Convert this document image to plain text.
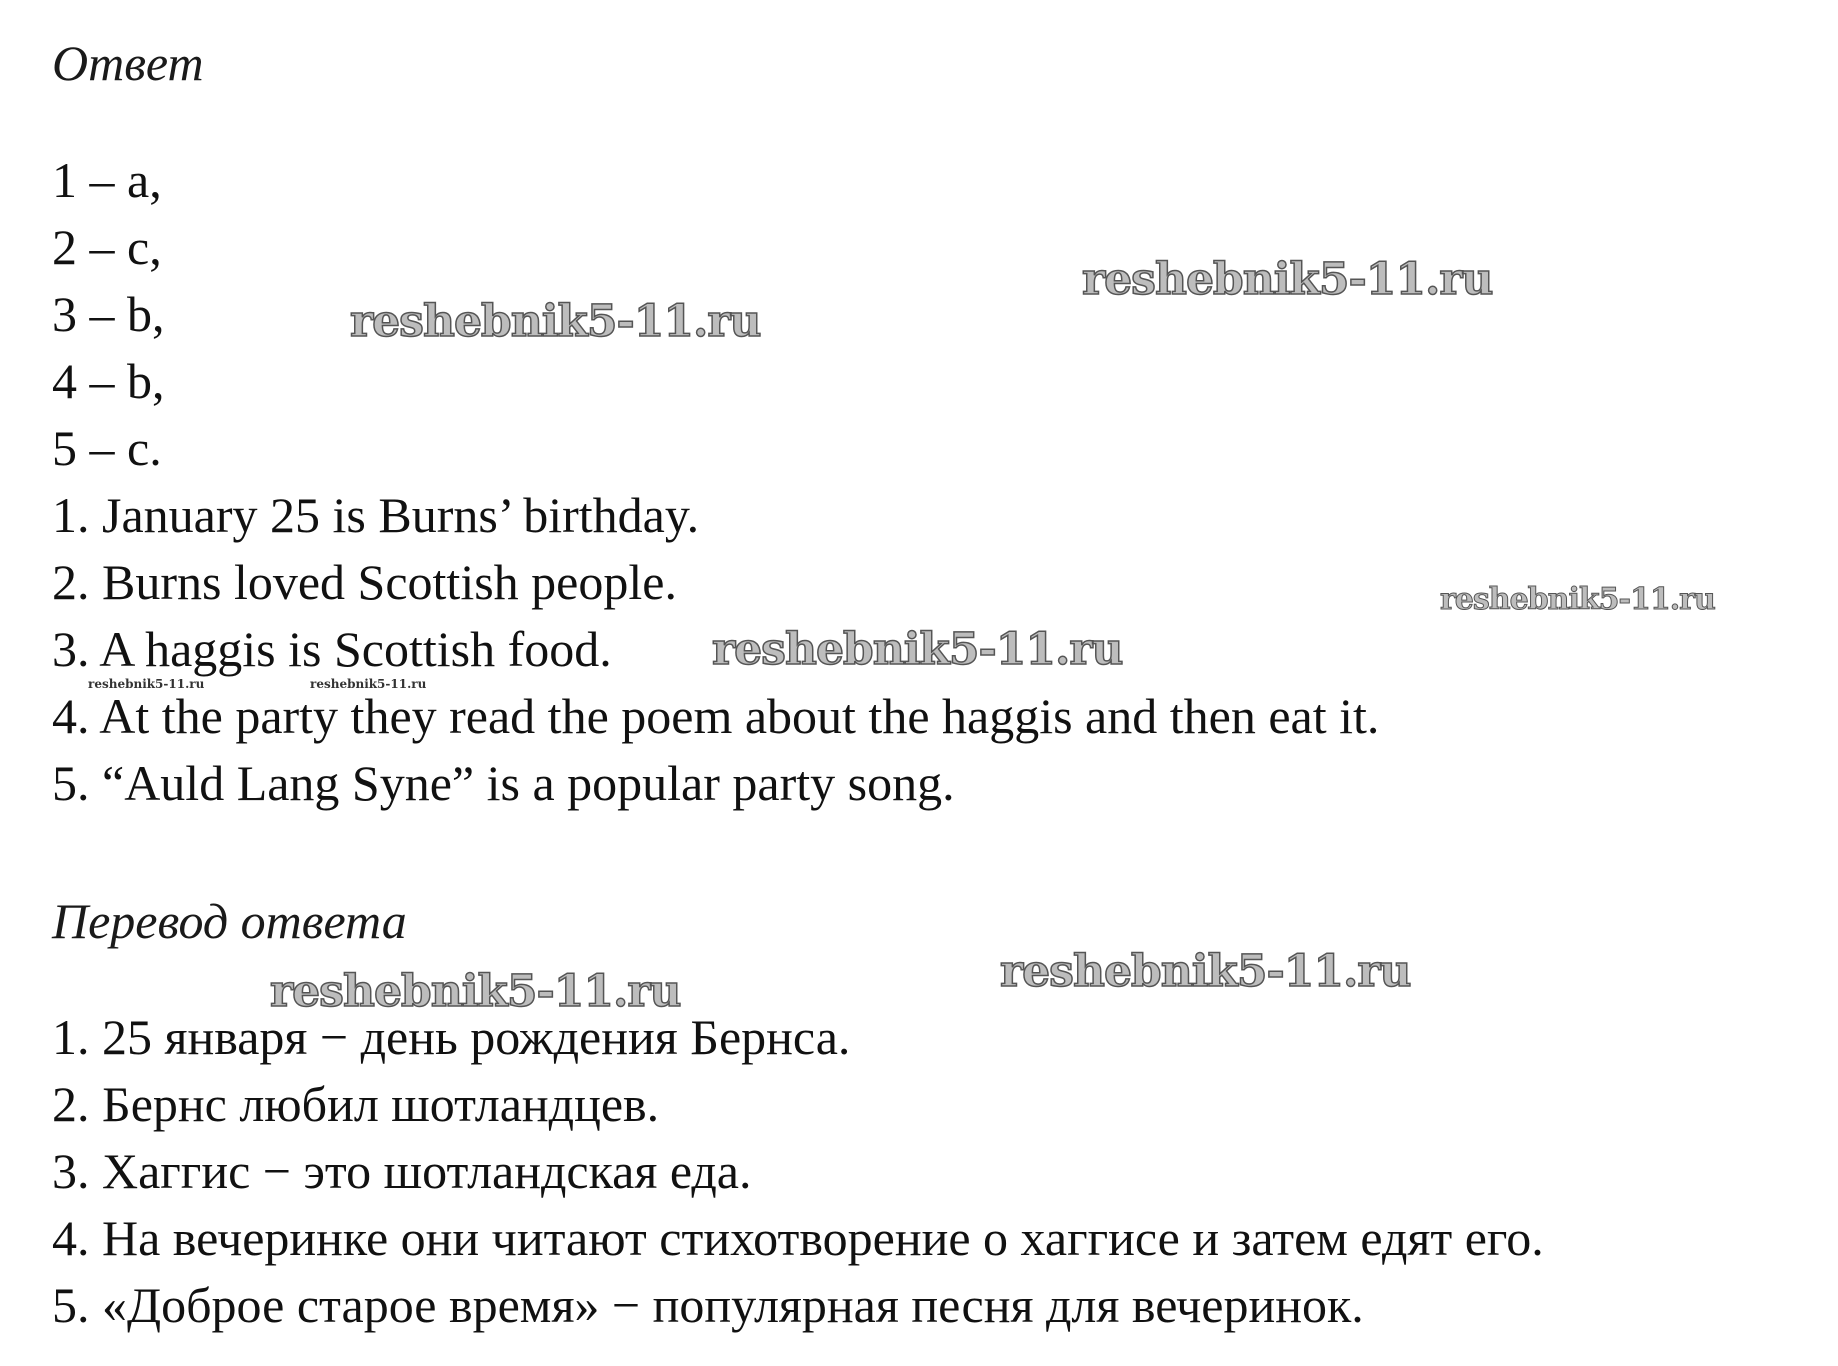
Ответ
1 – a,
2 – c,
3 – b,
4 – b,
5 – c.
1. January 25 is Burns’ birthday.
2. Burns loved Scottish people.
3. A haggis is Scottish food.
4. At the party they read the poem about the haggis and then eat it.
5. “Auld Lang Syne” is a popular party song.
Перевод ответа
1. 25 января − день рождения Бернса.
2. Бернс любил шотландцев.
3. Хаггис − это шотландская еда.
4. На вечеринке они читают стихотворение о хаггисе и затем едят его.
5. «Доброе старое время» − популярная песня для вечеринок.
reshebnik5-11.ru
reshebnik5-11.ru
reshebnik5-11.ru
reshebnik5-11.ru
reshebnik5-11.ru	reshebnik5-11.ru
reshebnik5-11.ru
reshebnik5-11.ru
